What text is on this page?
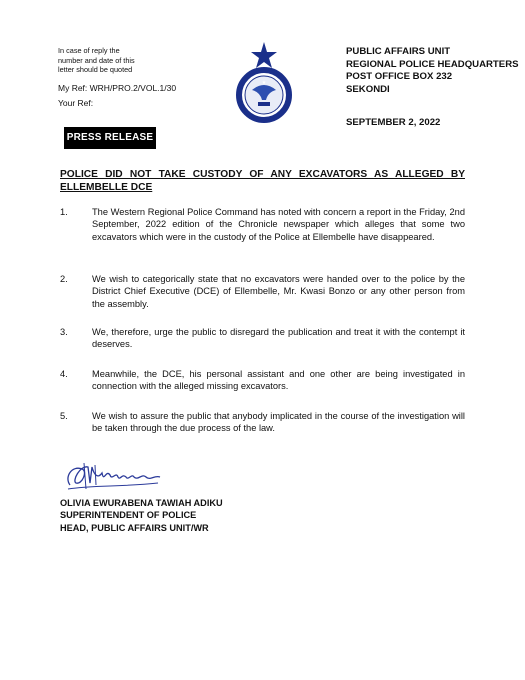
In case of reply the
number and date of this
letter should be quoted
My Ref: WRH/PRO.2/VOL.1/30
Your Ref:
★
PUBLIC AFFAIRS UNIT
REGIONAL POLICE HEADQUARTERS
POST OFFICE BOX 232
SEKONDI
SEPTEMBER 2, 2022
PRESS RELEASE
POLICE DID NOT TAKE CUSTODY OF ANY EXCAVATORS AS ALLEGED BY ELLEMBELLE DCE
1.	The Western Regional Police Command has noted with concern a report in the Friday, 2nd September, 2022 edition of the Chronicle newspaper which alleges that some two excavators which were in the custody of the Police at Ellembelle have disappeared.
2.	We wish to categorically state that no excavators were handed over to the police by the District Chief Executive (DCE) of Ellembelle, Mr. Kwasi Bonzo or any other person from the assembly.
3.	We, therefore, urge the public to disregard the publication and treat it with the contempt it deserves.
4.	Meanwhile, the DCE, his personal assistant and one other are being investigated in connection with the alleged missing excavators.
5.	We wish to assure the public that anybody implicated in the course of the investigation will be taken through the due process of the law.
OLIVIA EWURABENA TAWIAH ADIKU
SUPERINTENDENT OF POLICE
HEAD, PUBLIC AFFAIRS UNIT/WR
